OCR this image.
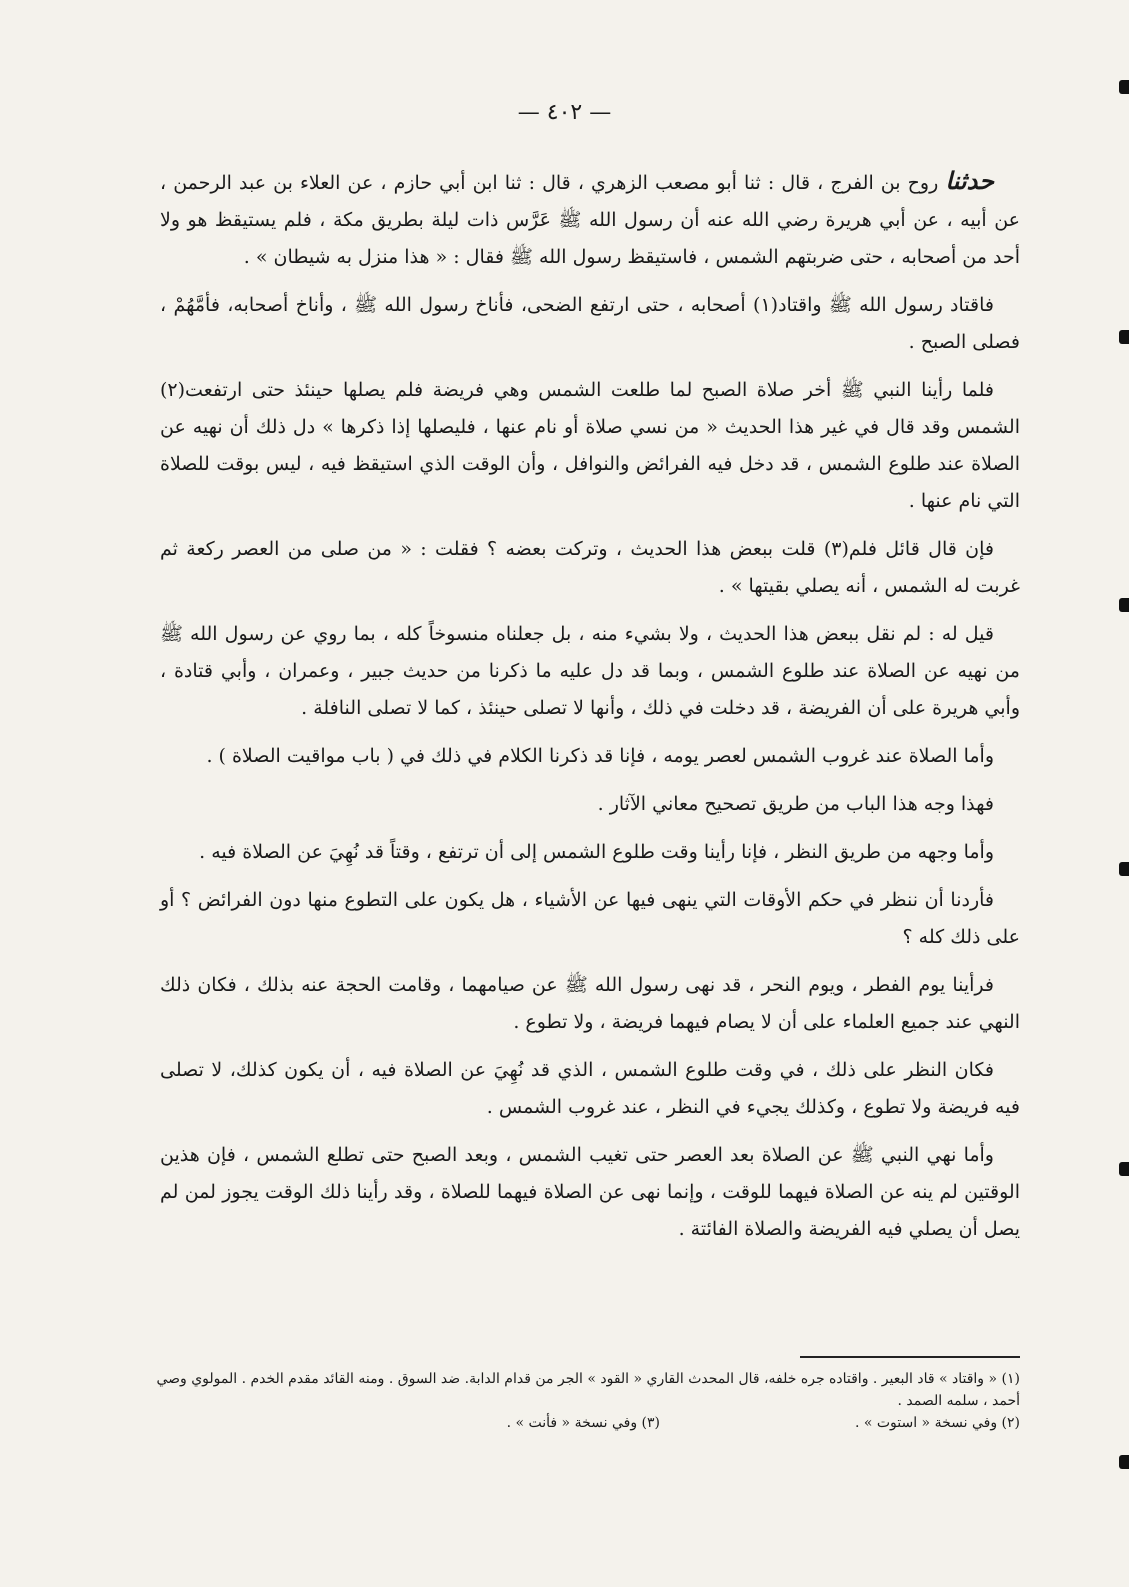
— ٤٠٢ —

حدثنا روح بن الفرج ، قال : ثنا أبو مصعب الزهري ، قال : ثنا ابن أبي حازم ، عن العلاء بن عبد الرحمن ، عن أبيه ، عن أبي هريرة رضي الله عنه أن رسول الله ﷺ عَرَّس ذات ليلة بطريق مكة ، فلم يستيقظ هو ولا أحد من أصحابه ، حتى ضربتهم الشمس ، فاستيقظ رسول الله ﷺ فقال : « هذا منزل به شيطان » .

فاقتاد رسول الله ﷺ واقتاد(١) أصحابه ، حتى ارتفع الضحى، فأناخ رسول الله ﷺ ، وأناخ أصحابه، فأمَّهُمْ ، فصلى الصبح .

فلما رأينا النبي ﷺ أخر صلاة الصبح لما طلعت الشمس وهي فريضة فلم يصلها حينئذ حتى ارتفعت(٢) الشمس وقد قال في غير هذا الحديث « من نسي صلاة أو نام عنها ، فليصلها إذا ذكرها » دل ذلك أن نهيه عن الصلاة عند طلوع الشمس ، قد دخل فيه الفرائض والنوافل ، وأن الوقت الذي استيقظ فيه ، ليس بوقت للصلاة التي نام عنها .

فإن قال قائل فلم(٣) قلت ببعض هذا الحديث ، وتركت بعضه ؟ فقلت : « من صلى من العصر ركعة ثم غربت له الشمس ، أنه يصلي بقيتها » .

قيل له : لم نقل ببعض هذا الحديث ، ولا بشيء منه ، بل جعلناه منسوخاً كله ، بما روي عن رسول الله ﷺ من نهيه عن الصلاة عند طلوع الشمس ، وبما قد دل عليه ما ذكرنا من حديث جبير ، وعمران ، وأبي قتادة ، وأبي هريرة على أن الفريضة ، قد دخلت في ذلك ، وأنها لا تصلى حينئذ ، كما لا تصلى النافلة .

وأما الصلاة عند غروب الشمس لعصر يومه ، فإنا قد ذكرنا الكلام في ذلك في ( باب مواقيت الصلاة ) .

فهذا وجه هذا الباب من طريق تصحيح معاني الآثار .

وأما وجهه من طريق النظر ، فإنا رأينا وقت طلوع الشمس إلى أن ترتفع ، وقتاً قد نُهِيَ عن الصلاة فيه .

فأردنا أن ننظر في حكم الأوقات التي ينهى فيها عن الأشياء ، هل يكون على التطوع منها دون الفرائض ؟ أو على ذلك كله ؟

فرأينا يوم الفطر ، ويوم النحر ، قد نهى رسول الله ﷺ عن صيامهما ، وقامت الحجة عنه بذلك ، فكان ذلك النهي عند جميع العلماء على أن لا يصام فيهما فريضة ، ولا تطوع .

فكان النظر على ذلك ، في وقت طلوع الشمس ، الذي قد نُهِيَ عن الصلاة فيه ، أن يكون كذلك، لا تصلى فيه فريضة ولا تطوع ، وكذلك يجيء في النظر ، عند غروب الشمس .

وأما نهي النبي ﷺ عن الصلاة بعد العصر حتى تغيب الشمس ، وبعد الصبح حتى تطلع الشمس ، فإن هذين الوقتين لم ينه عن الصلاة فيهما للوقت ، وإنما نهى عن الصلاة فيهما للصلاة ، وقد رأينا ذلك الوقت يجوز لمن لم يصل أن يصلي فيه الفريضة والصلاة الفائتة .

(١) « واقتاد » قاد البعير . واقتاده جره خلفه، قال المحدث القاري « القود » الجر من قدام الدابة. ضد السوق . ومنه القائد مقدم الخدم . المولوي وصي أحمد ، سلمه الصمد .
(٢) وفي نسخة « استوت » .
(٣) وفي نسخة « فأنت » .
